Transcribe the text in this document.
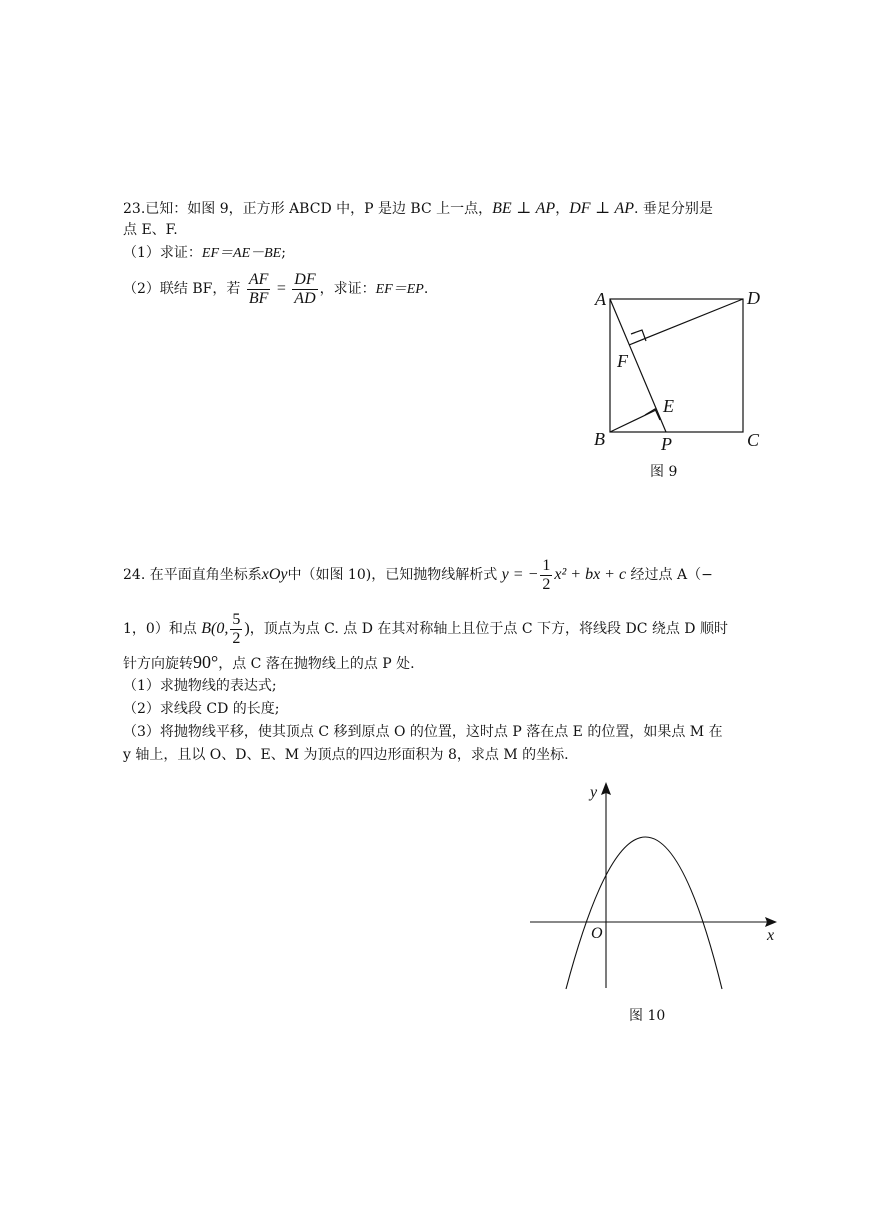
23.已知：如图 9，正方形 ABCD 中，P 是边 BC 上一点，BE ⊥ AP，DF ⊥ AP. 垂足分别是
点 E、F.
（1）求证：EF＝AE－BE;
（2）联结 BF，若 $\frac{AF}{BF} = \frac{DF}{AD}$ ，求证：EF＝EP.	A	D
B	C
P
F
E
图 9
24. 在平面直角坐标系xOy中（如图 10)，已知抛物线解析式 y = − $\frac{1}{2} x^2$ + bx + c 经过点 A（−
1，0）和点 B(0, $\frac{5}{2}$ )，顶点为点 C. 点 D 在其对称轴上且位于点 C 下方，将线段 DC 绕点 D 顺时
针方向旋转90°，点 C 落在抛物线上的点 P 处.
（1）求抛物线的表达式;
（2）求线段 CD 的长度;
（3）将抛物线平移，使其顶点 C 移到原点 O 的位置，这时点 P 落在点 E 的位置，如果点 M 在
y 轴上，且以 O、D、E、M 为顶点的四边形面积为 8，求点 M 的坐标.
y
x
O
图 10
